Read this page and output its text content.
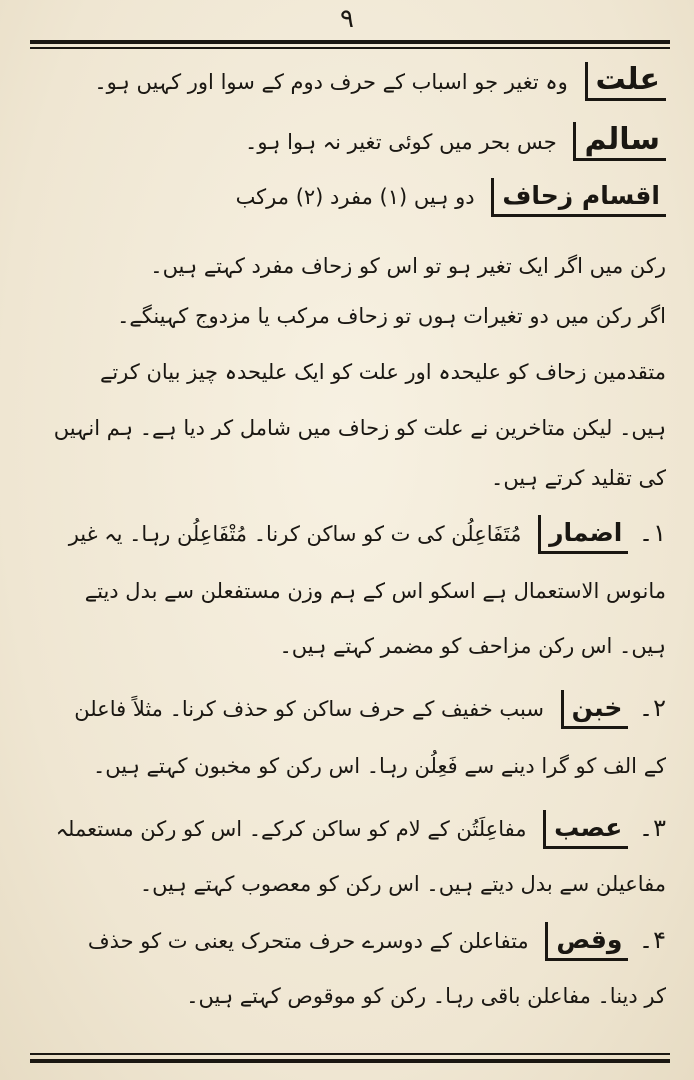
۹
علت وہ تغیر جو اسباب کے حرف دوم کے سوا اور کہیں ہو۔
سالم جس بحر میں کوئی تغیر نہ ہوا ہو۔
اقسام زحاف دو ہیں (۱) مفرد (۲) مرکب
رکن میں اگر ایک تغیر ہو تو اس کو زحاف مفرد کہتے ہیں۔
اگر رکن میں دو تغیرات ہوں تو زحاف مرکب یا مزدوج کہینگے۔
متقدمین زحاف کو علیحدہ اور علت کو ایک علیحدہ چیز بیان کرتے
ہیں۔ لیکن متاخرین نے علت کو زحاف میں شامل کر دیا ہے۔ ہم انہیں
کی تقلید کرتے ہیں۔
۱۔ اضمار مُتَفَاعِلُن کی ت کو ساکن کرنا۔ مُتْفَاعِلُن رہا۔ یہ غیر
مانوس الاستعمال ہے اسکو اس کے ہم وزن مستفعلن سے بدل دیتے
ہیں۔ اس رکن مزاحف کو مضمر کہتے ہیں۔
۲۔ خبن سبب خفیف کے حرف ساکن کو حذف کرنا۔ مثلاً فاعلن
کے الف کو گرا دینے سے فَعِلُن رہا۔ اس رکن کو مخبون کہتے ہیں۔
۳۔ عصب مفاعِلَتُن کے لام کو ساکن کرکے۔ اس کو رکن مستعملہ
مفاعیلن سے بدل دیتے ہیں۔ اس رکن کو معصوب کہتے ہیں۔
۴۔ وقص متفاعلن کے دوسرے حرف متحرک یعنی ت کو حذف
کر دینا۔ مفاعلن باقی رہا۔ رکن کو موقوص کہتے ہیں۔
